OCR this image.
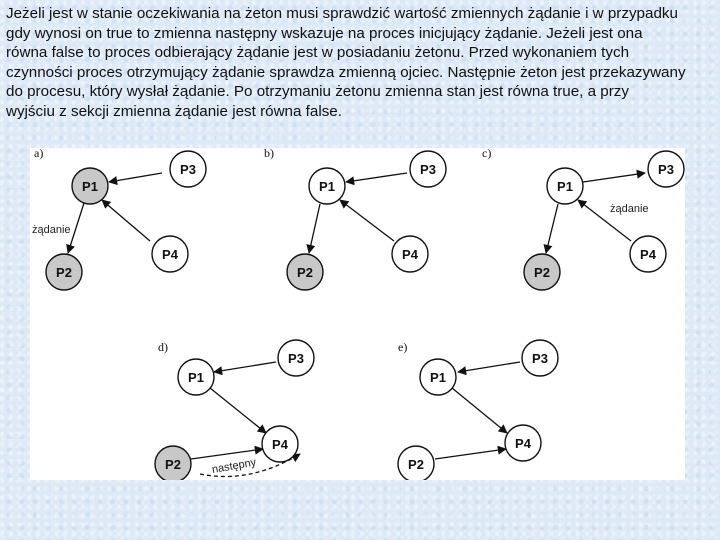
Jeżeli jest w stanie oczekiwania na żeton musi sprawdzić wartość zmiennych żądanie i w przypadku
gdy wynosi on true to zmienna następny wskazuje na proces inicjujący żądanie. Jeżeli jest ona
równa false to proces odbierający żądanie jest w posiadaniu żetonu. Przed wykonaniem tych
czynności proces otrzymujący żądanie sprawdza zmienną ojciec. Następnie żeton jest przekazywany
do procesu, który wysłał żądanie. Po otrzymaniu żetonu zmienna stan jest równa true, a przy
wyjściu z sekcji zmienna żądanie jest równa false.
a)
żądanie
P1
P3
P4
P2
b)
P1
P3
P4
P2
c)
żądanie
P1
P3
P4
P2
d)
następny
P1
P3
P4
P2
e)
P1
P3
P4
P2
